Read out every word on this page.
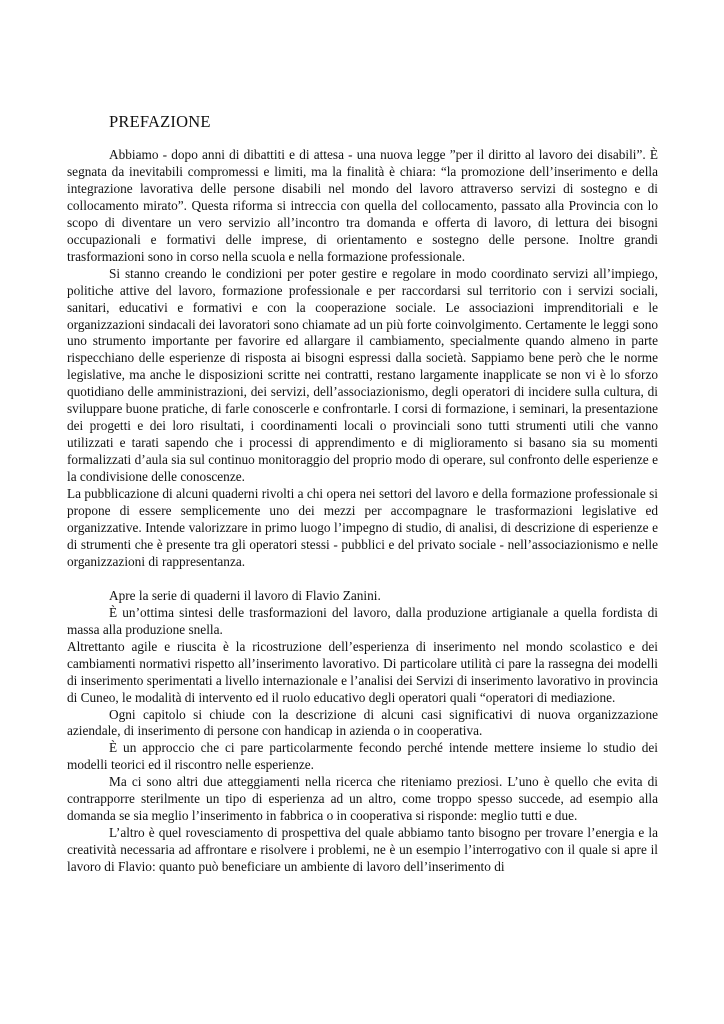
PREFAZIONE

Abbiamo - dopo anni di dibattiti e di attesa - una nuova legge ”per il diritto al lavoro dei disabili”. È segnata da inevitabili compromessi e limiti, ma la finalità è chiara: “la promozione dell’inserimento e della integrazione lavorativa delle persone disabili nel mondo del lavoro attraverso servizi di sostegno e di collocamento mirato”. Questa riforma si intreccia con quella del collocamento, passato alla Provincia con lo scopo di diventare un vero servizio all’incontro tra domanda e offerta di lavoro, di lettura dei bisogni occupazionali e formativi delle imprese, di orientamento e sostegno delle persone. Inoltre grandi trasformazioni sono in corso nella scuola e nella formazione professionale.

Si stanno creando le condizioni per poter gestire e regolare in modo coordinato servizi all’impiego, politiche attive del lavoro, formazione professionale e per raccordarsi sul territorio con i servizi sociali, sanitari, educativi e formativi e con la cooperazione sociale. Le associazioni imprenditoriali e le organizzazioni sindacali dei lavoratori sono chiamate ad un più forte coinvolgimento. Certamente le leggi sono uno strumento importante per favorire ed allargare il cambiamento, specialmente quando almeno in parte rispecchiano delle esperienze di risposta ai bisogni espressi dalla società. Sappiamo bene però che le norme legislative, ma anche le disposizioni scritte nei contratti, restano largamente inapplicate se non vi è lo sforzo quotidiano delle amministrazioni, dei servizi, dell’associazionismo, degli operatori di incidere sulla cultura, di sviluppare buone pratiche, di farle conoscerle e confrontarle. I corsi di formazione, i seminari, la presentazione dei progetti e dei loro risultati, i coordinamenti locali o provinciali sono tutti strumenti utili che vanno utilizzati e tarati sapendo che i processi di apprendimento e di miglioramento si basano sia su momenti formalizzati d’aula sia sul continuo monitoraggio del proprio modo di operare, sul confronto delle esperienze e la condivisione delle conoscenze.

La pubblicazione di alcuni quaderni rivolti a chi opera nei settori del lavoro e della formazione professionale si propone di essere semplicemente uno dei mezzi per accompagnare le trasformazioni legislative ed organizzative. Intende valorizzare in primo luogo l’impegno di studio, di analisi, di descrizione di esperienze e di strumenti che è presente tra gli operatori stessi - pubblici e del privato sociale - nell’associazionismo e nelle organizzazioni di rappresentanza.

Apre la serie di quaderni il lavoro di Flavio Zanini.

È un’ottima sintesi delle trasformazioni del lavoro, dalla produzione artigianale a quella fordista di massa alla produzione snella.

Altrettanto agile e riuscita è la ricostruzione dell’esperienza di inserimento nel mondo scolastico e dei cambiamenti normativi rispetto all’inserimento lavorativo. Di particolare utilità ci pare la rassegna dei modelli di inserimento sperimentati a livello internazionale e l’analisi dei Servizi di inserimento lavorativo in provincia di Cuneo, le modalità di intervento ed il ruolo educativo degli operatori quali “operatori di mediazione.

Ogni capitolo si chiude con la descrizione di alcuni casi significativi di nuova organizzazione aziendale, di inserimento di persone con handicap in azienda o in cooperativa.

È un approccio che ci pare particolarmente fecondo perché intende mettere insieme lo studio dei modelli teorici ed il riscontro nelle esperienze.

Ma ci sono altri due atteggiamenti nella ricerca che riteniamo preziosi. L’uno è quello che evita di contrapporre sterilmente un tipo di esperienza ad un altro, come troppo spesso succede, ad esempio alla domanda se sia meglio l’inserimento in fabbrica o in cooperativa si risponde: meglio tutti e due.

L’altro è quel rovesciamento di prospettiva del quale abbiamo tanto bisogno per trovare l’energia e la creatività necessaria ad affrontare e risolvere i problemi, ne è un esempio l’interrogativo con il quale si apre il lavoro di Flavio: quanto può beneficiare un ambiente di lavoro dell’inserimento di
